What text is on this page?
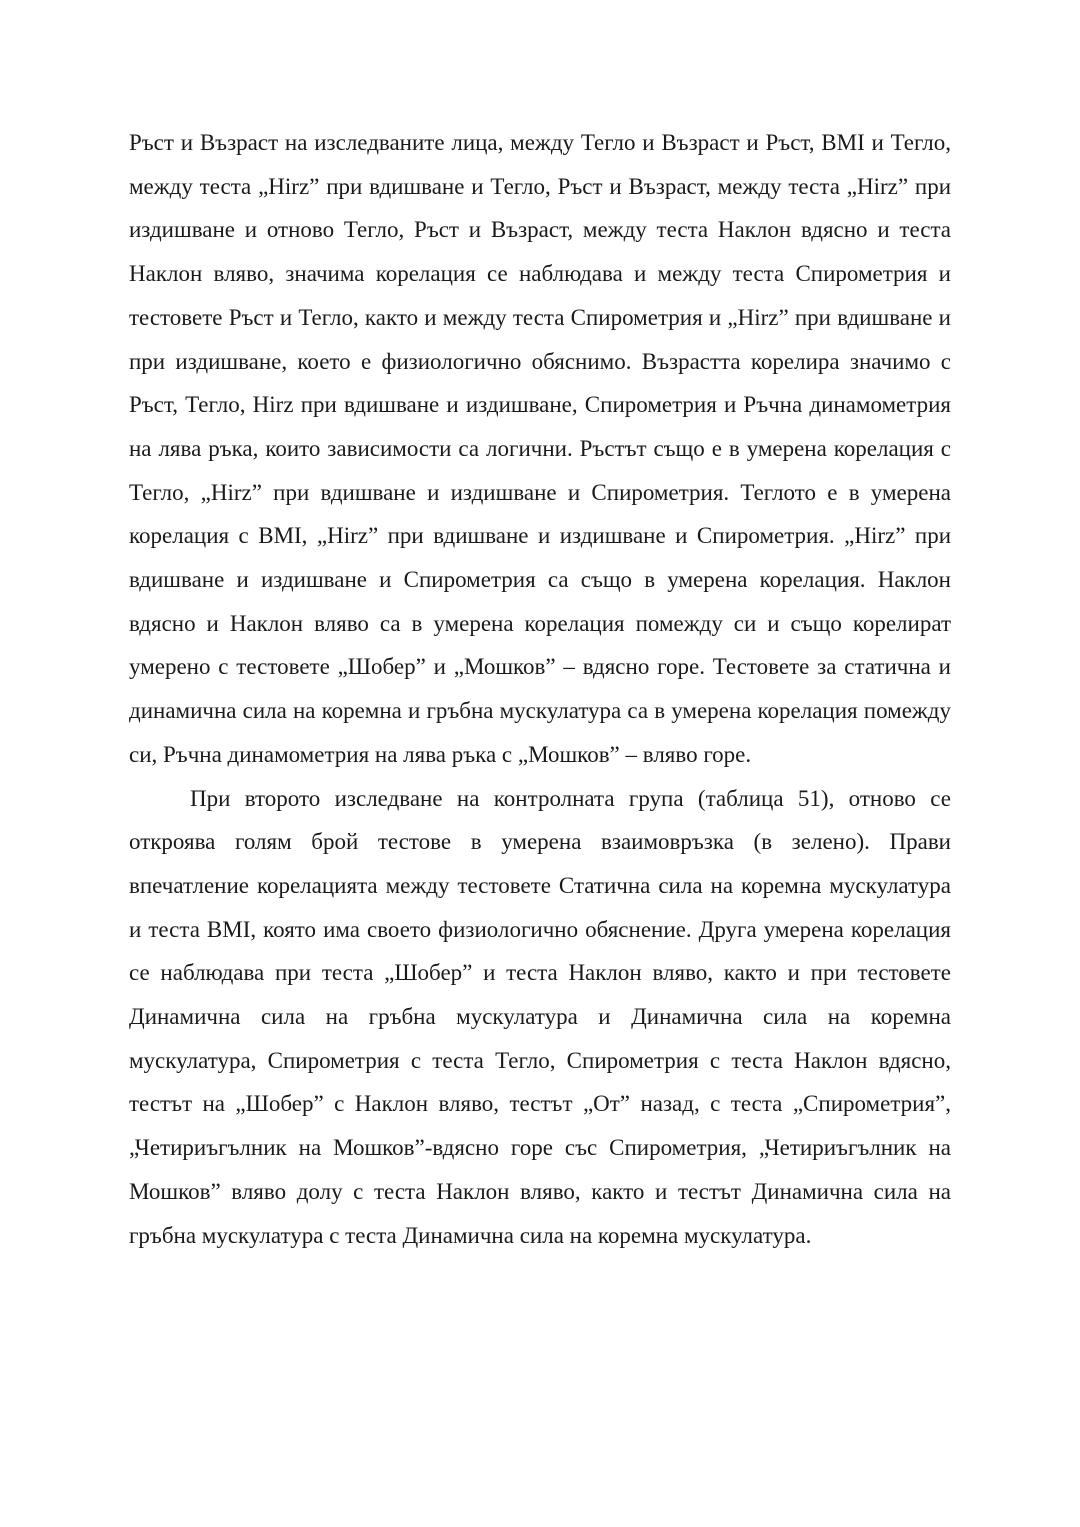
Ръст и Възраст на изследваните лица, между Тегло и Възраст и Ръст, BMI и Тегло, между теста „Hirz” при вдишване и Тегло, Ръст и Възраст, между теста „Hirz” при издишване и отново Тегло, Ръст и Възраст, между теста Наклон вдясно и теста Наклон вляво, значима корелация се наблюдава и между теста Спирометрия и тестовете Ръст и Тегло, както и между теста Спирометрия и „Hirz” при вдишване и при издишване, което е физиологично обяснимо. Възрастта корелира значимо с Ръст, Тегло, Hirz при вдишване и издишване, Спирометрия и Ръчна динамометрия на лява ръка, които зависимости са логични. Ръстът също е в умерена корелация с Тегло, „Hirz” при вдишване и издишване и Спирометрия. Теглото е в умерена корелация с BMI, „Hirz” при вдишване и издишване и Спирометрия. „Hirz” при вдишване и издишване и Спирометрия са също в умерена корелация. Наклон вдясно и Наклон вляво са в умерена корелация помежду си и също корелират умерено с тестовете „Шобер” и „Мошков” – вдясно горе. Тестовете за статична и динамична сила на коремна и гръбна мускулатура са в умерена корелация помежду си, Ръчна динамометрия на лява ръка с „Мошков” – вляво горе.

При второто изследване на контролната група (таблица 51), отново се откроява голям брой тестове в умерена взаимовръзка (в зелено). Прави впечатление корелацията между тестовете Статична сила на коремна мускулатура и теста BMI, която има своето физиологично обяснение. Друга умерена корелация се наблюдава при теста „Шобер” и теста Наклон вляво, както и при тестовете Динамична сила на гръбна мускулатура и Динамична сила на коремна мускулатура, Спирометрия с теста Тегло, Спирометрия с теста Наклон вдясно, тестът на „Шобер” с Наклон вляво, тестът „От” назад, с теста „Спирометрия”, „Четириъгълник на Мошков”-вдясно горе със Спирометрия, „Четириъгълник на Мошков” вляво долу с теста Наклон вляво, както и тестът Динамична сила на гръбна мускулатура с теста Динамична сила на коремна мускулатура.
